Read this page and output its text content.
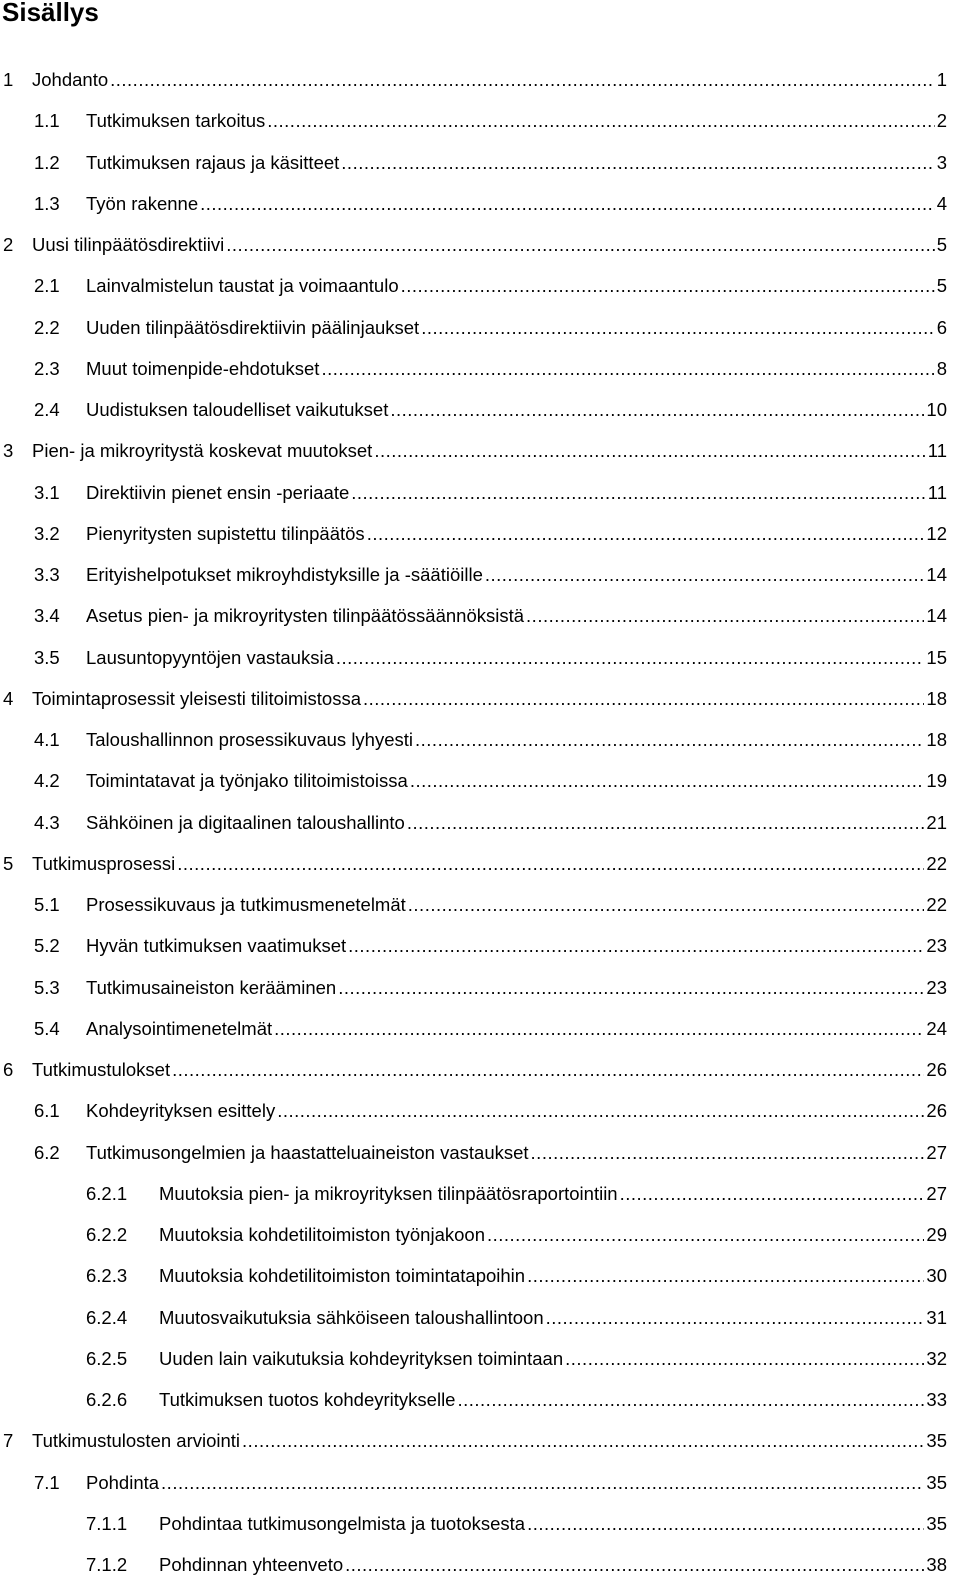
Sisällys
1	Johdanto .....	1
1.1	Tutkimuksen tarkoitus .....	2
1.2	Tutkimuksen rajaus ja käsitteet .....	3
1.3	Työn rakenne .....	4
2	Uusi tilinpäätösdirektiivi .....	5
2.1	Lainvalmistelun taustat ja voimaantulo .....	5
2.2	Uuden tilinpäätösdirektiivin päälinjaukset .....	6
2.3	Muut toimenpide-ehdotukset .....	8
2.4	Uudistuksen taloudelliset vaikutukset .....	10
3	Pien- ja mikroyritystä koskevat muutokset .....	11
3.1	Direktiivin pienet ensin -periaate .....	11
3.2	Pienyritysten supistettu tilinpäätös .....	12
3.3	Erityishelpotukset mikroyhdistyksille ja -säätiöille .....	14
3.4	Asetus pien- ja mikroyritysten tilinpäätössäännöksistä .....	14
3.5	Lausuntopyyntöjen vastauksia .....	15
4	Toimintaprosessit yleisesti tilitoimistossa .....	18
4.1	Taloushallinnon prosessikuvaus lyhyesti .....	18
4.2	Toimintatavat ja työnjako tilitoimistoissa .....	19
4.3	Sähköinen ja digitaalinen taloushallinto .....	21
5	Tutkimusprosessi .....	22
5.1	Prosessikuvaus ja tutkimusmenetelmät .....	22
5.2	Hyvän tutkimuksen vaatimukset .....	23
5.3	Tutkimusaineiston kerääminen .....	23
5.4	Analysointimenetelmät .....	24
6	Tutkimustulokset .....	26
6.1	Kohdeyrityksen esittely .....	26
6.2	Tutkimusongelmien ja haastatteluaineiston vastaukset .....	27
6.2.1	Muutoksia pien- ja mikroyrityksen tilinpäätösraportointiin .....	27
6.2.2	Muutoksia kohdetilitoimiston työnjakoon .....	29
6.2.3	Muutoksia kohdetilitoimiston toimintatapoihin .....	30
6.2.4	Muutosvaikutuksia sähköiseen taloushallintoon .....	31
6.2.5	Uuden lain vaikutuksia kohdeyrityksen toimintaan .....	32
6.2.6	Tutkimuksen tuotos kohdeyritykselle .....	33
7	Tutkimustulosten arviointi .....	35
7.1	Pohdinta .....	35
7.1.1	Pohdintaa tutkimusongelmista ja tuotoksesta .....	35
7.1.2	Pohdinnan yhteenveto .....	38
